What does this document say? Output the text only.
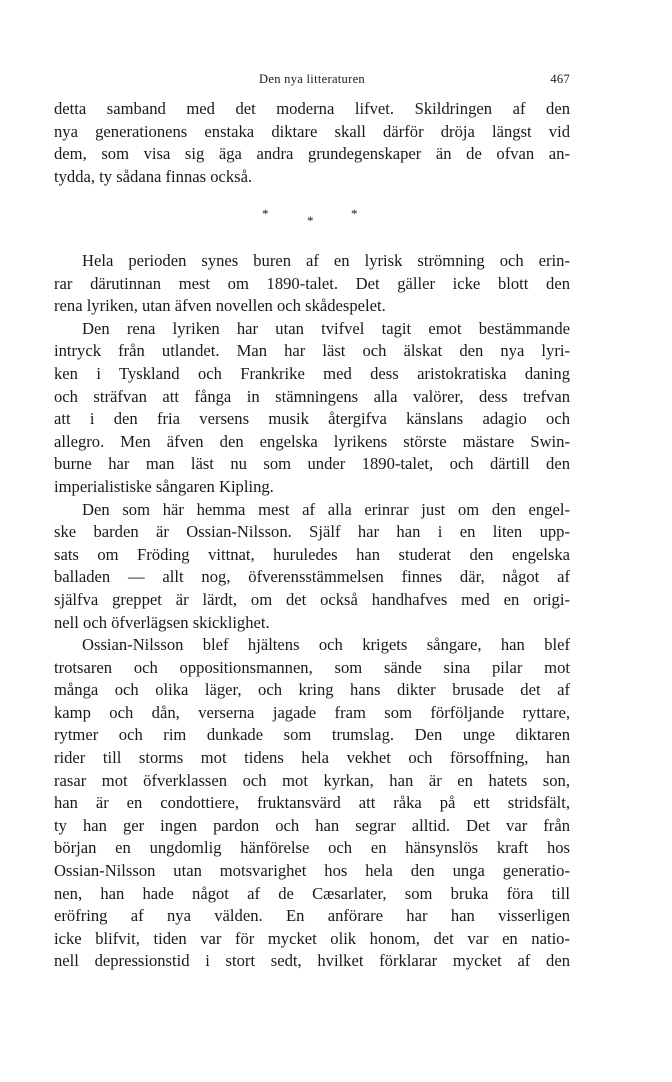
Den nya litteraturen	467
detta samband med det moderna lifvet. Skildringen af den
nya generationens enstaka diktare skall därför dröja längst vid
dem, som visa sig äga andra grundegenskaper än de ofvan an-
tydda, ty sådana finnas också.
*	*	*
Hela perioden synes buren af en lyrisk strömning och erin-
rar därutinnan mest om 1890-talet. Det gäller icke blott den
rena lyriken, utan äfven novellen och skådespelet.
Den rena lyriken har utan tvifvel tagit emot bestämmande
intryck från utlandet. Man har läst och älskat den nya lyri-
ken i Tyskland och Frankrike med dess aristokratiska daning
och sträfvan att fånga in stämningens alla valörer, dess trefvan
att i den fria versens musik återgifva känslans adagio och
allegro. Men äfven den engelska lyrikens störste mästare Swin-
burne har man läst nu som under 1890-talet, och därtill den
imperialistiske sångaren Kipling.
Den som här hemma mest af alla erinrar just om den engel-
ske barden är Ossian-Nilsson. Själf har han i en liten upp-
sats om Fröding vittnat, huruledes han studerat den engelska
balladen — allt nog, öfverensstämmelsen finnes där, något af
själfva greppet är lärdt, om det också handhafves med en origi-
nell och öfverlägsen skicklighet.
Ossian-Nilsson blef hjältens och krigets sångare, han blef
trotsaren och oppositionsmannen, som sände sina pilar mot
många och olika läger, och kring hans dikter brusade det af
kamp och dån, verserna jagade fram som förföljande ryttare,
rytmer och rim dunkade som trumslag. Den unge diktaren
rider till storms mot tidens hela vekhet och försoffning, han
rasar mot öfverklassen och mot kyrkan, han är en hatets son,
han är en condottiere, fruktansvärd att råka på ett stridsfält,
ty han ger ingen pardon och han segrar alltid. Det var från
början en ungdomlig hänförelse och en hänsynslös kraft hos
Ossian-Nilsson utan motsvarighet hos hela den unga generatio-
nen, han hade något af de Cæsarlater, som bruka föra till
eröfring af nya välden. En anförare har han visserligen
icke blifvit, tiden var för mycket olik honom, det var en natio-
nell depressionstid i stort sedt, hvilket förklarar mycket af den
